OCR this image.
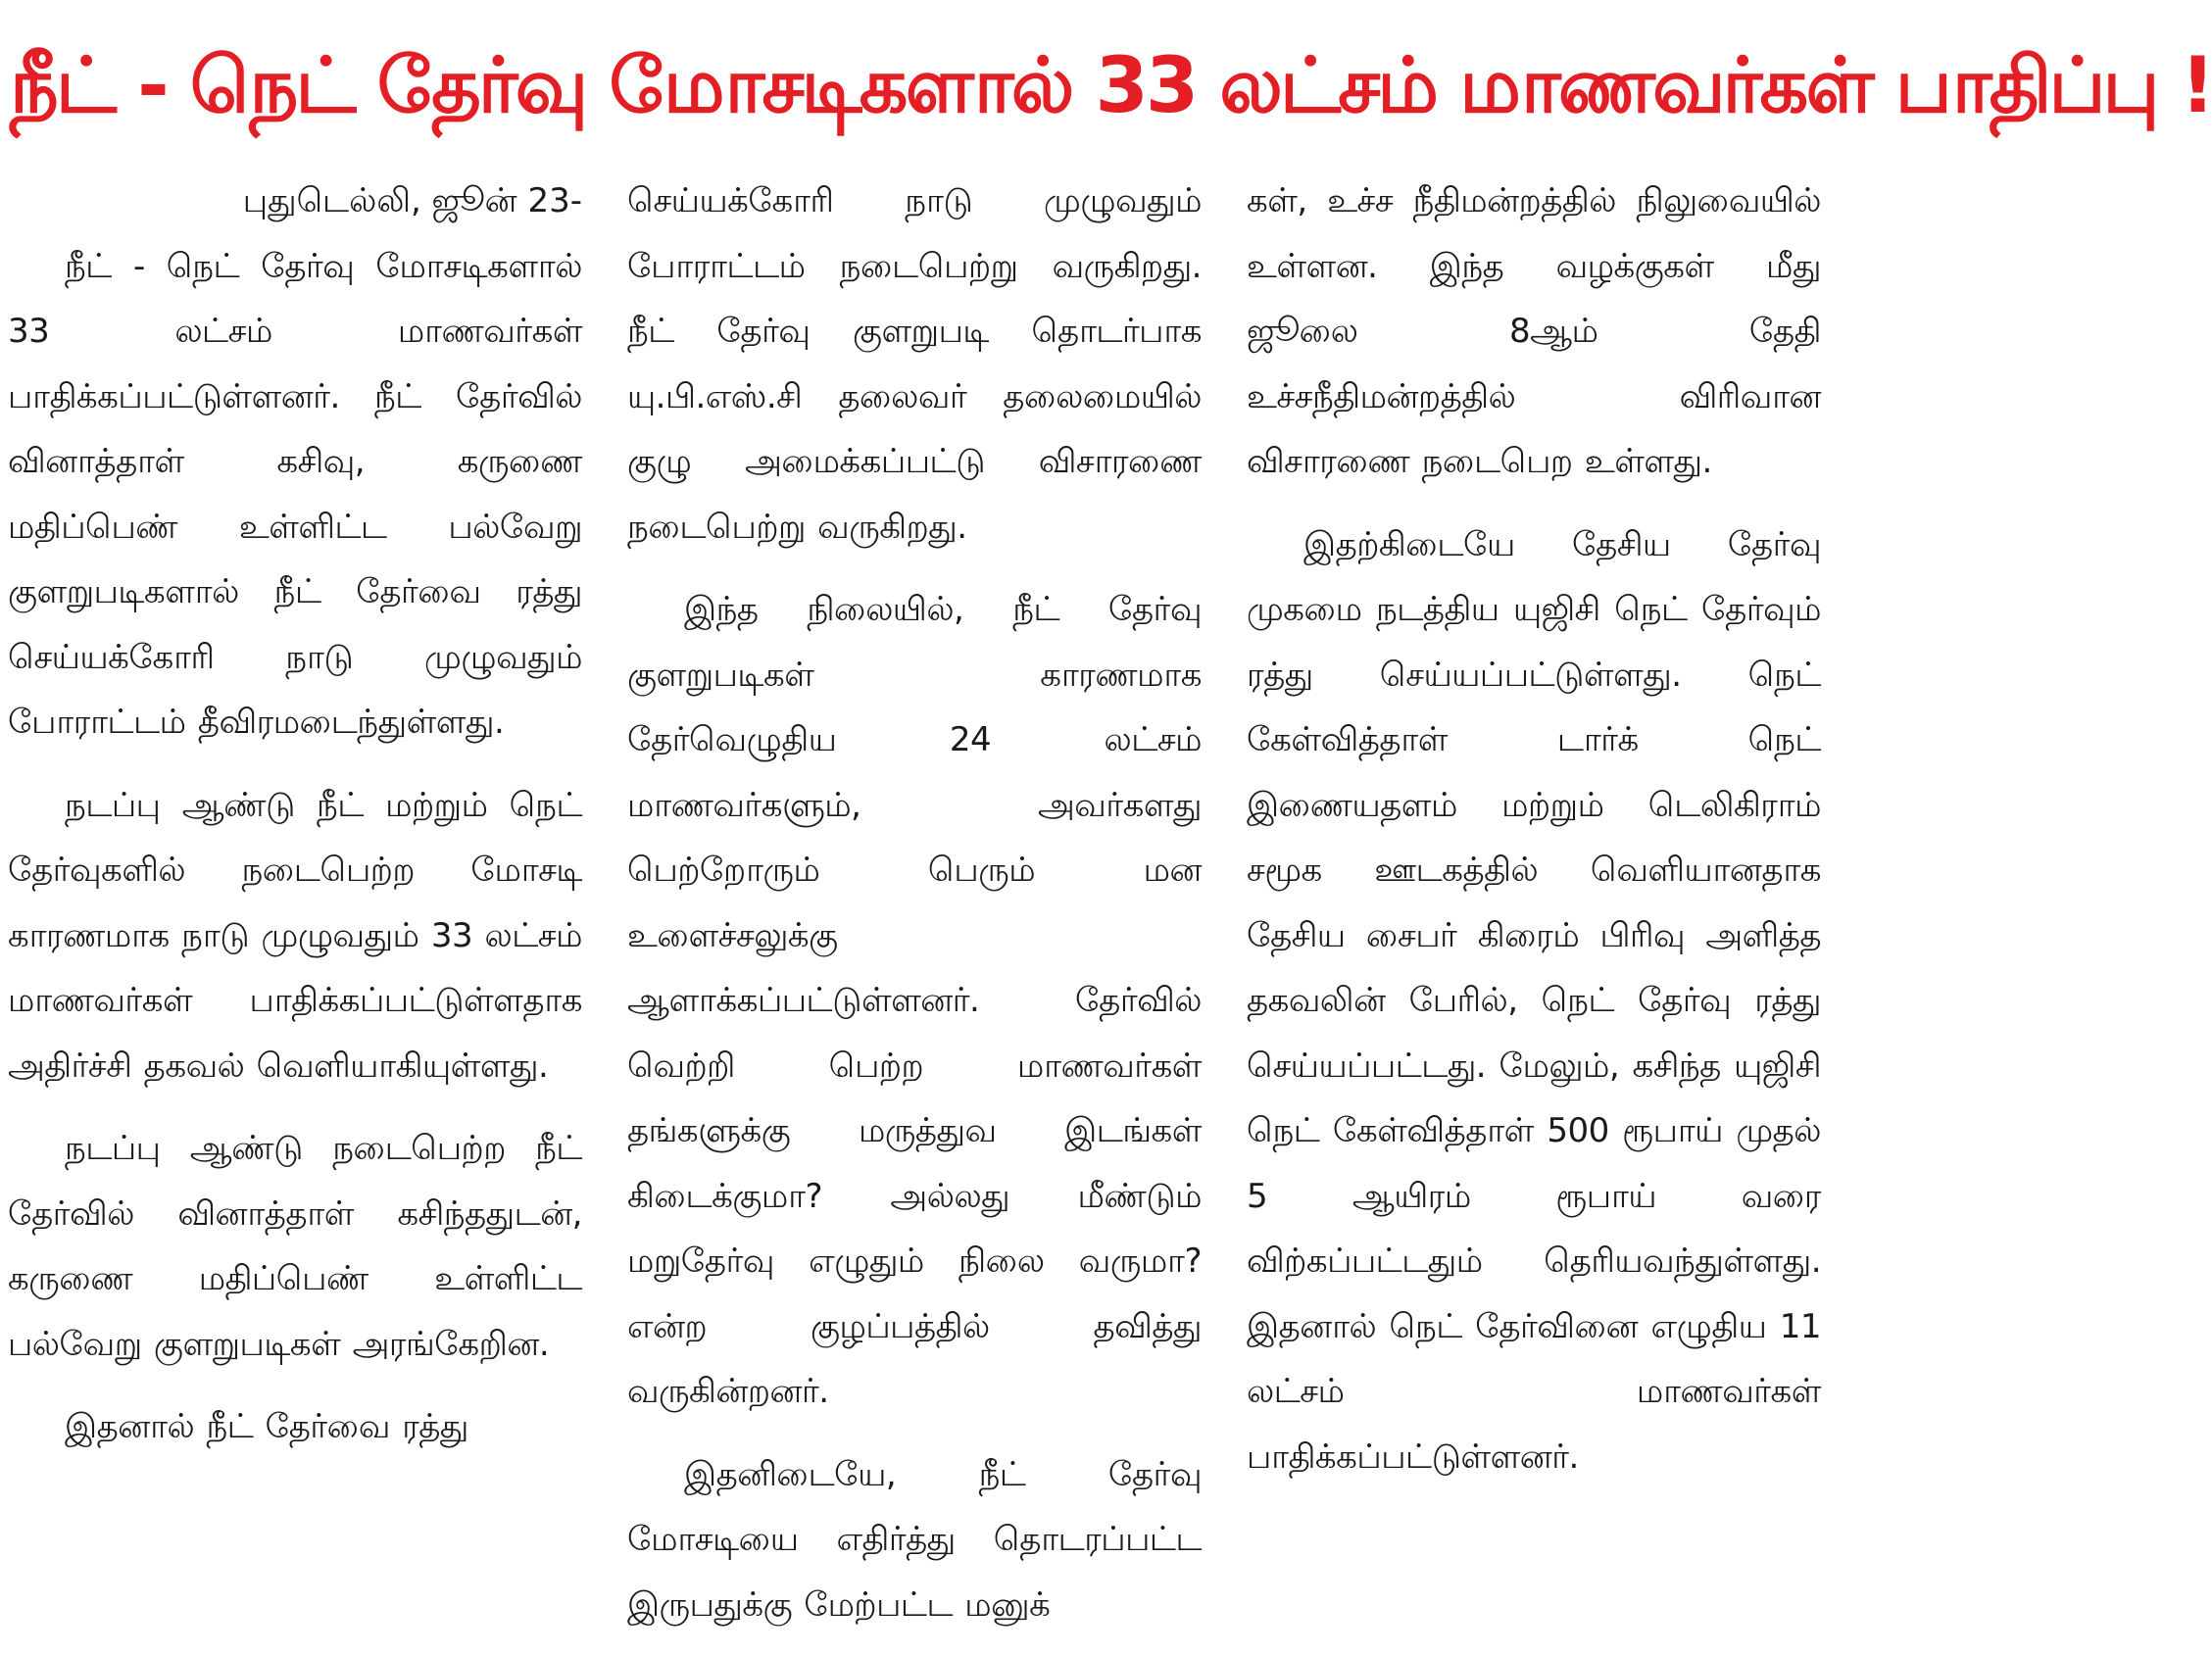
நீட் - நெட் தேர்வு மோசடிகளால் 33 லட்சம் மாணவர்கள் பாதிப்பு !

புதுடெல்லி, ஜூன் 23-

நீட் - நெட் தேர்வு மோசடிகளால் 33 லட்சம் மாணவர்கள் பாதிக்கப்பட்டுள்ளனர். நீட் தேர்வில் வினாத்தாள் கசிவு, கருணை மதிப்பெண் உள்ளிட்ட பல்வேறு குளறுபடிகளால் நீட் தேர்வை ரத்து செய்யக்கோரி நாடு முழுவதும் போராட்டம் தீவிரமடைந்துள்ளது.

நடப்பு ஆண்டு நீட் மற்றும் நெட் தேர்வுகளில் நடைபெற்ற மோசடி காரணமாக நாடு முழுவதும் 33 லட்சம் மாணவர்கள் பாதிக்கப்பட்டுள்ளதாக அதிர்ச்சி தகவல் வெளியாகியுள்ளது.

நடப்பு ஆண்டு நடைபெற்ற நீட் தேர்வில் வினாத்தாள் கசிந்ததுடன், கருணை மதிப்பெண் உள்ளிட்ட பல்வேறு குளறுபடிகள் அரங்கேறின.

இதனால் நீட் தேர்வை ரத்து

செய்யக்கோரி நாடு முழுவதும் போராட்டம் நடைபெற்று வருகிறது. நீட் தேர்வு குளறுபடி தொடர்பாக யு.பி.எஸ்.சி தலைவர் தலைமையில் குழு அமைக்கப்பட்டு விசாரணை நடைபெற்று வருகிறது.

இந்த நிலையில், நீட் தேர்வு குளறுபடிகள் காரணமாக தேர்வெழுதிய 24 லட்சம் மாணவர்களும், அவர்களது பெற்றோரும் பெரும் மன உளைச்சலுக்கு ஆளாக்கப்பட்டுள்ளனர். தேர்வில் வெற்றி பெற்ற மாணவர்கள் தங்களுக்கு மருத்துவ இடங்கள் கிடைக்குமா? அல்லது மீண்டும் மறுதேர்வு எழுதும் நிலை வருமா? என்ற குழப்பத்தில் தவித்து வருகின்றனர்.

இதனிடையே, நீட் தேர்வு மோசடியை எதிர்த்து தொடரப்பட்ட இருபதுக்கு மேற்பட்ட மனுக்

கள், உச்ச நீதிமன்றத்தில் நிலுவையில் உள்ளன. இந்த வழக்குகள் மீது ஜூலை 8ஆம் தேதி உச்சநீதிமன்றத்தில் விரிவான விசாரணை நடைபெற உள்ளது.

இதற்கிடையே தேசிய தேர்வு முகமை நடத்திய யுஜிசி நெட் தேர்வும் ரத்து செய்யப்பட்டுள்ளது. நெட் கேள்வித்தாள் டார்க் நெட் இணையதளம் மற்றும் டெலிகிராம் சமூக ஊடகத்தில் வெளியானதாக தேசிய சைபர் கிரைம் பிரிவு அளித்த தகவலின் பேரில், நெட் தேர்வு ரத்து செய்யப்பட்டது. மேலும், கசிந்த யுஜிசி நெட் கேள்வித்தாள் 500 ரூபாய் முதல் 5 ஆயிரம் ரூபாய் வரை விற்கப்பட்டதும் தெரியவந்துள்ளது. இதனால் நெட் தேர்வினை எழுதிய 11 லட்சம் மாணவர்கள் பாதிக்கப்பட்டுள்ளனர்.
